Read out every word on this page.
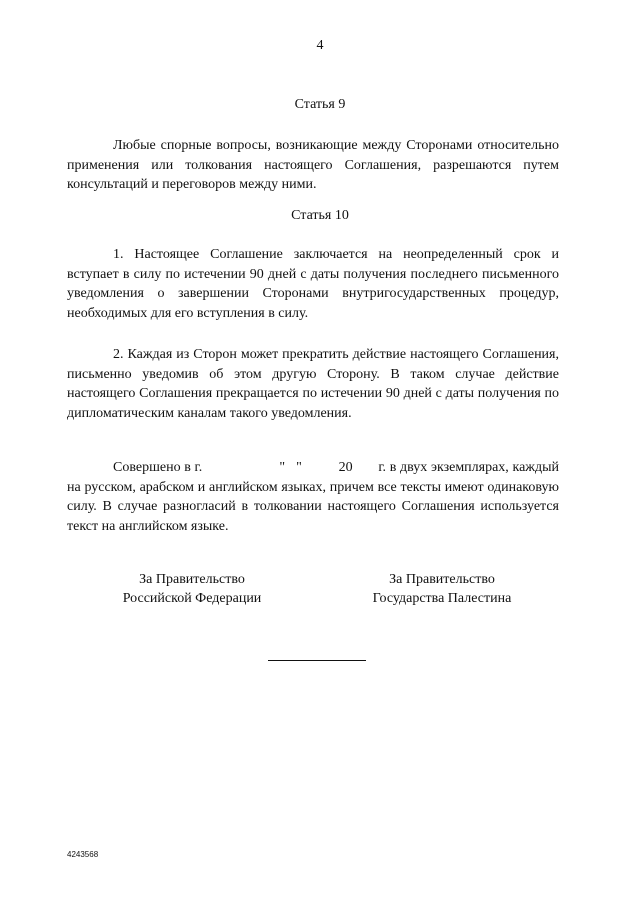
4
Статья 9

Любые спорные вопросы, возникающие между Сторонами относительно применения или толкования настоящего Соглашения, разрешаются путем консультаций и переговоров между ними.

Статья 10

1. Настоящее Соглашение заключается на неопределенный срок и вступает в силу по истечении 90 дней с даты получения последнего письменного уведомления о завершении Сторонами внутригосударственных процедур, необходимых для его вступления в силу.

2. Каждая из Сторон может прекратить действие настоящего Соглашения, письменно уведомив об этом другую Сторону. В таком случае действие настоящего Соглашения прекращается по истечении 90 дней с даты получения по дипломатическим каналам такого уведомления.

Совершено в г.                     "   "          20       г. в двух экземплярах, каждый на русском, арабском и английском языках, причем все тексты имеют одинаковую силу. В случае разногласий в толковании настоящего Соглашения используется текст на английском языке.
За Правительство
Российской Федерации
За Правительство
Государства Палестина
4243568
